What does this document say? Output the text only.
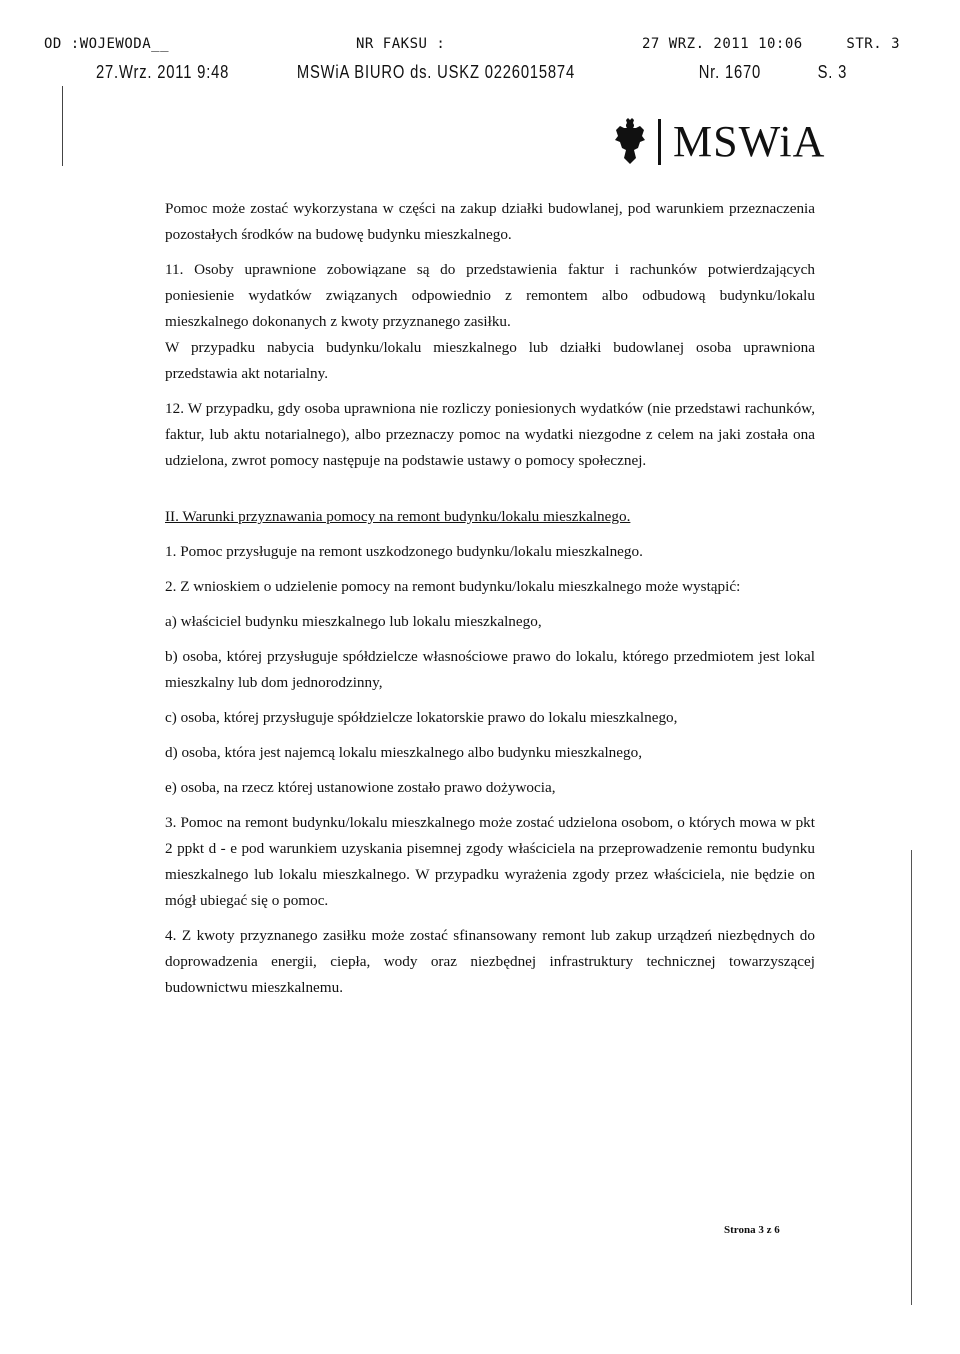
OD :WOJEWODA__	NR FAKSU :	27 WRZ. 2011 10:06	STR. 3
27.Wrz. 2011 9:48	MSWiA BIURO ds. USKZ 0226015874	Nr. 1670	S. 3
MSWiA

Pomoc może zostać wykorzystana w części na zakup działki budowlanej, pod warunkiem przeznaczenia pozostałych środków na budowę budynku mieszkalnego.

11. Osoby uprawnione zobowiązane są do przedstawienia faktur i rachunków potwierdzających poniesienie wydatków związanych odpowiednio z remontem albo odbudową budynku/lokalu mieszkalnego dokonanych z kwoty przyznanego zasiłku.

W przypadku nabycia budynku/lokalu mieszkalnego lub działki budowlanej osoba uprawniona przedstawia akt notarialny.

12. W przypadku, gdy osoba uprawniona nie rozliczy poniesionych wydatków (nie przedstawi rachunków, faktur, lub aktu notarialnego), albo przeznaczy pomoc na wydatki niezgodne z celem na jaki została ona udzielona, zwrot pomocy następuje na podstawie ustawy o pomocy społecznej.

II. Warunki przyznawania pomocy na remont budynku/lokalu mieszkalnego.

1. Pomoc przysługuje na remont uszkodzonego budynku/lokalu mieszkalnego.

2. Z wnioskiem o udzielenie pomocy na remont budynku/lokalu mieszkalnego może wystąpić:

a) właściciel budynku mieszkalnego lub lokalu mieszkalnego,

b) osoba, której przysługuje spółdzielcze własnościowe prawo do lokalu, którego przedmiotem jest lokal mieszkalny lub dom jednorodzinny,

c) osoba, której przysługuje spółdzielcze lokatorskie prawo do lokalu mieszkalnego,

d) osoba, która jest najemcą lokalu mieszkalnego albo budynku mieszkalnego,

e) osoba, na rzecz której ustanowione zostało prawo dożywocia,

3. Pomoc na remont budynku/lokalu mieszkalnego może zostać udzielona osobom, o których mowa w pkt 2 ppkt d - e pod warunkiem uzyskania pisemnej zgody właściciela na przeprowadzenie remontu budynku mieszkalnego lub lokalu mieszkalnego. W przypadku wyrażenia zgody przez właściciela, nie będzie on mógł ubiegać się o pomoc.

4. Z kwoty przyznanego zasiłku może zostać sfinansowany remont lub zakup urządzeń niezbędnych do doprowadzenia energii, ciepła, wody oraz niezbędnej infrastruktury technicznej towarzyszącej budownictwu mieszkalnemu.

Strona 3 z 6
